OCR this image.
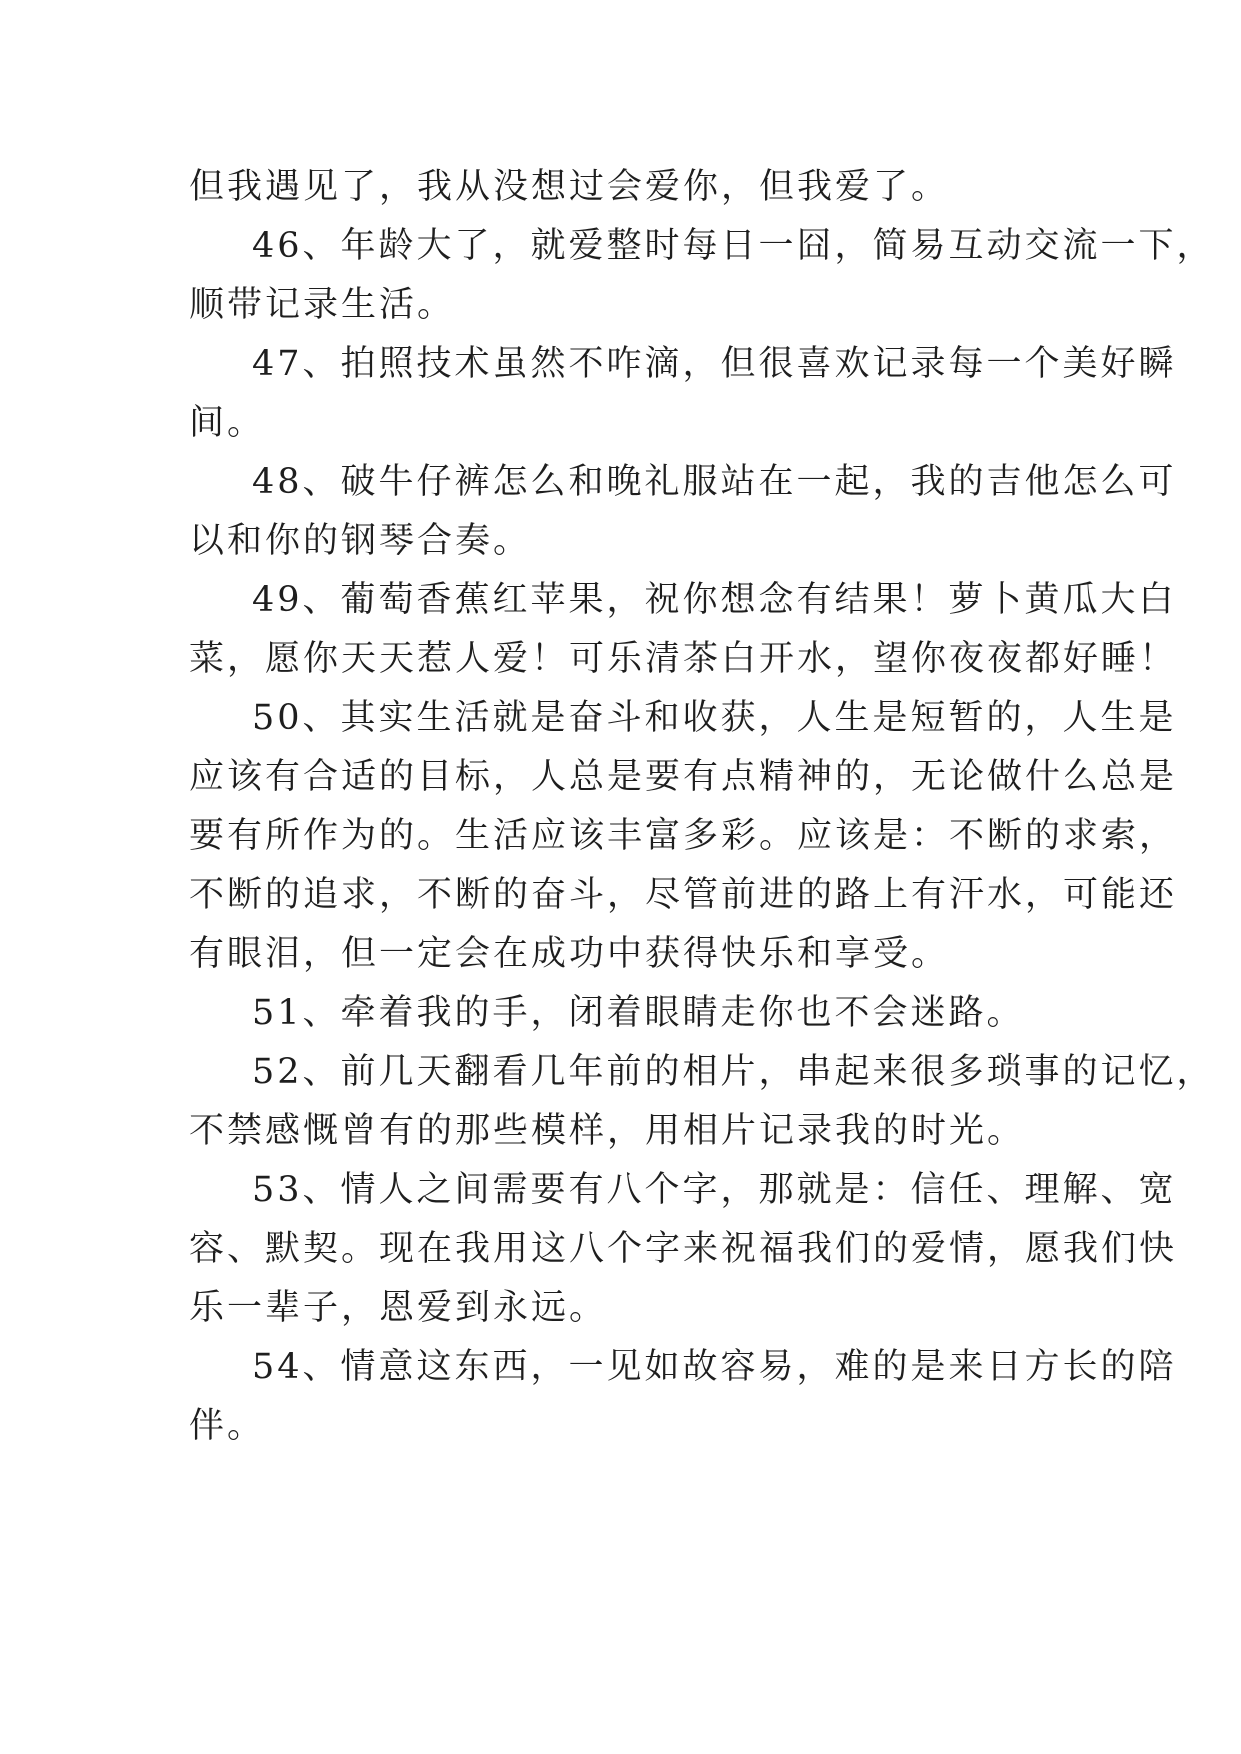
但我遇见了，我从没想过会爱你，但我爱了。
46、年龄大了，就爱整时每日一囧，简易互动交流一下，
顺带记录生活。
47、拍照技术虽然不咋滴，但很喜欢记录每一个美好瞬
间。
48、破牛仔裤怎么和晚礼服站在一起，我的吉他怎么可
以和你的钢琴合奏。
49、葡萄香蕉红苹果，祝你想念有结果！萝卜黄瓜大白
菜，愿你天天惹人爱！可乐清茶白开水，望你夜夜都好睡！
50、其实生活就是奋斗和收获，人生是短暂的，人生是
应该有合适的目标，人总是要有点精神的，无论做什么总是
要有所作为的。生活应该丰富多彩。应该是：不断的求索，
不断的追求，不断的奋斗，尽管前进的路上有汗水，可能还
有眼泪，但一定会在成功中获得快乐和享受。
51、牵着我的手，闭着眼睛走你也不会迷路。
52、前几天翻看几年前的相片，串起来很多琐事的记忆，
不禁感慨曾有的那些模样，用相片记录我的时光。
53、情人之间需要有八个字，那就是：信任、理解、宽
容、默契。现在我用这八个字来祝福我们的爱情，愿我们快
乐一辈子，恩爱到永远。
54、情意这东西，一见如故容易，难的是来日方长的陪
伴。
